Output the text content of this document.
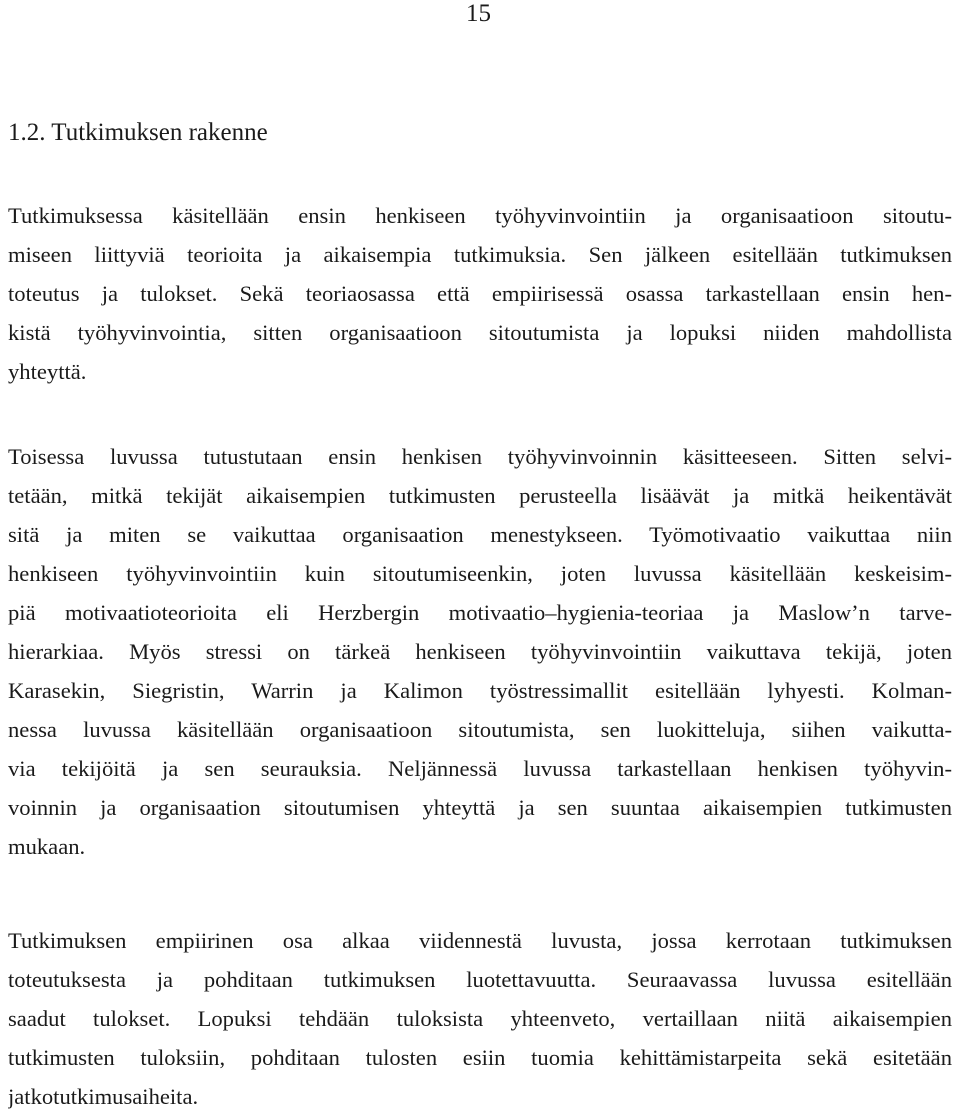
15
1.2. Tutkimuksen rakenne
Tutkimuksessa käsitellään ensin henkiseen työhyvinvointiin ja organisaatioon sitoutu-
miseen liittyviä teorioita ja aikaisempia tutkimuksia. Sen jälkeen esitellään tutkimuksen
toteutus ja tulokset. Sekä teoriaosassa että empiirisessä osassa tarkastellaan ensin hen-
kistä työhyvinvointia, sitten organisaatioon sitoutumista ja lopuksi niiden mahdollista
yhteyttä.
Toisessa luvussa tutustutaan ensin henkisen työhyvinvoinnin käsitteeseen. Sitten selvi-
tetään, mitkä tekijät aikaisempien tutkimusten perusteella lisäävät ja mitkä heikentävät
sitä ja miten se vaikuttaa organisaation menestykseen. Työmotivaatio vaikuttaa niin
henkiseen työhyvinvointiin kuin sitoutumiseenkin, joten luvussa käsitellään keskeisim-
piä motivaatioteorioita eli Herzbergin motivaatio–hygienia-teoriaa ja Maslow’n tarve-
hierarkiaa. Myös stressi on tärkeä henkiseen työhyvinvointiin vaikuttava tekijä, joten
Karasekin, Siegristin, Warrin ja Kalimon työstressimallit esitellään lyhyesti. Kolman-
nessa luvussa käsitellään organisaatioon sitoutumista, sen luokitteluja, siihen vaikutta-
via tekijöitä ja sen seurauksia. Neljännessä luvussa tarkastellaan henkisen työhyvin-
voinnin ja organisaation sitoutumisen yhteyttä ja sen suuntaa aikaisempien tutkimusten
mukaan.
Tutkimuksen empiirinen osa alkaa viidennestä luvusta, jossa kerrotaan tutkimuksen
toteutuksesta ja pohditaan tutkimuksen luotettavuutta. Seuraavassa luvussa esitellään
saadut tulokset. Lopuksi tehdään tuloksista yhteenveto, vertaillaan niitä aikaisempien
tutkimusten tuloksiin, pohditaan tulosten esiin tuomia kehittämistarpeita sekä esitetään
jatkotutkimusaiheita.
